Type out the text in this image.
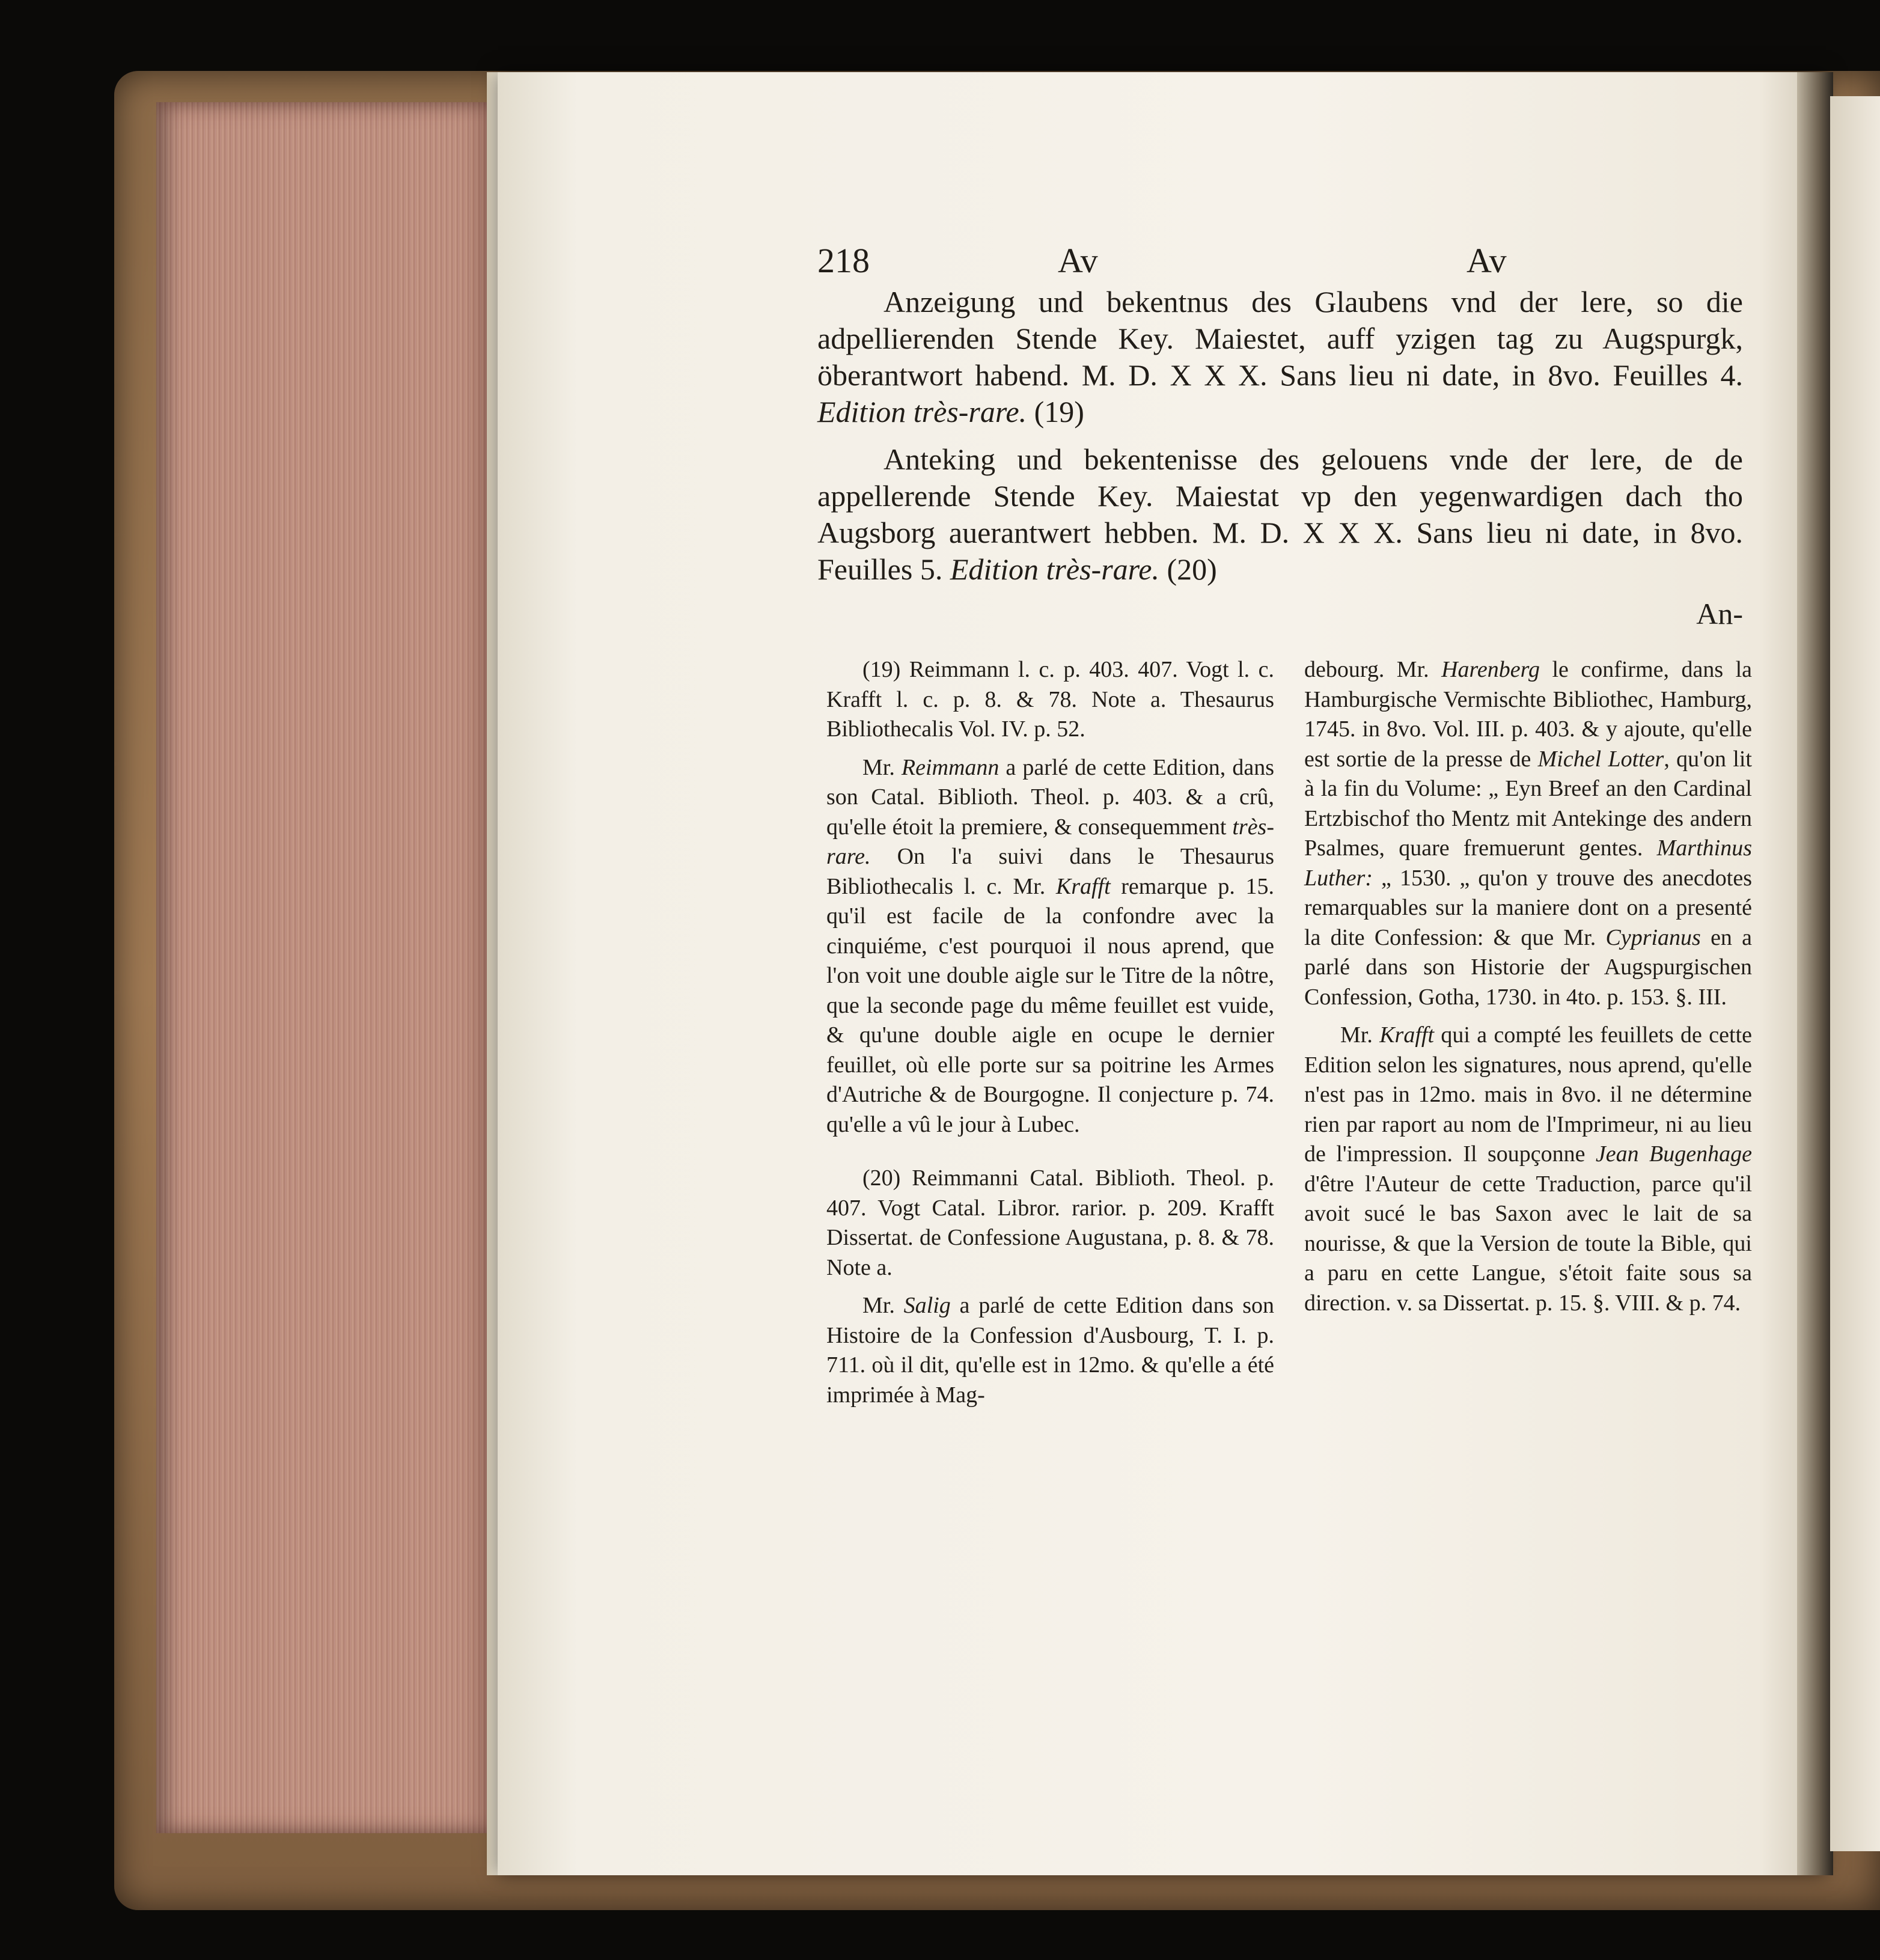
218	Av	Av

Anzeigung und bekentnus des Glaubens vnd der lere, so die adpellierenden Stende Key. Maiestet, auff yzigen tag zu Augspurgk, öberantwort habend. M. D. X X X. Sans lieu ni date, in 8vo. Feuilles 4. Edition très-rare. (19)

Anteking und bekentenisse des gelouens vnde der lere, de de appellerende Stende Key. Maiestat vp den yegenwardigen dach tho Augsborg auerantwert hebben. M. D. X X X. Sans lieu ni date, in 8vo. Feuilles 5. Edition très-rare. (20)

An-

(19) Reimmann l. c. p. 403. 407. Vogt l. c. Krafft l. c. p. 8. & 78. Note a. Thesaurus Bibliothecalis Vol. IV. p. 52.

Mr. Reimmann a parlé de cette Edition, dans son Catal. Biblioth. Theol. p. 403. & a crû, qu'elle étoit la premiere, & consequemment très-rare. On l'a suivi dans le Thesaurus Bibliothecalis l. c. Mr. Krafft remarque p. 15. qu'il est facile de la confondre avec la cinquiéme, c'est pourquoi il nous aprend, que l'on voit une double aigle sur le Titre de la nôtre, que la seconde page du même feuillet est vuide, & qu'une double aigle en ocupe le dernier feuillet, où elle porte sur sa poitrine les Armes d'Autriche & de Bourgogne. Il conjecture p. 74. qu'elle a vû le jour à Lubec.

(20) Reimmanni Catal. Biblioth. Theol. p. 407. Vogt Catal. Libror. rarior. p. 209. Krafft Dissertat. de Confessione Augustana, p. 8. & 78. Note a.

Mr. Salig a parlé de cette Edition dans son Histoire de la Confession d'Ausbourg, T. I. p. 711. où il dit, qu'elle est in 12mo. & qu'elle a été imprimée à Mag-

debourg. Mr. Harenberg le confirme, dans la Hamburgische Vermischte Bibliothec, Hamburg, 1745. in 8vo. Vol. III. p. 403. & y ajoute, qu'elle est sortie de la presse de Michel Lotter, qu'on lit à la fin du Volume: „ Eyn Breef an den Cardinal Ertzbischof tho Mentz mit Antekinge des andern Psalmes, quare fremuerunt gentes. Marthinus Luther: „ 1530. „ qu'on y trouve des anecdotes remarquables sur la maniere dont on a presenté la dite Confession: & que Mr. Cyprianus en a parlé dans son Historie der Augspurgischen Confession, Gotha, 1730. in 4to. p. 153. §. III.

Mr. Krafft qui a compté les feuillets de cette Edition selon les signatures, nous aprend, qu'elle n'est pas in 12mo. mais in 8vo. il ne détermine rien par raport au nom de l'Imprimeur, ni au lieu de l'impression. Il soupçonne Jean Bugenhage d'être l'Auteur de cette Traduction, parce qu'il avoit sucé le bas Saxon avec le lait de sa nourisse, & que la Version de toute la Bible, qui a paru en cette Langue, s'étoit faite sous sa direction. v. sa Dissertat. p. 15. §. VIII. & p. 74.
